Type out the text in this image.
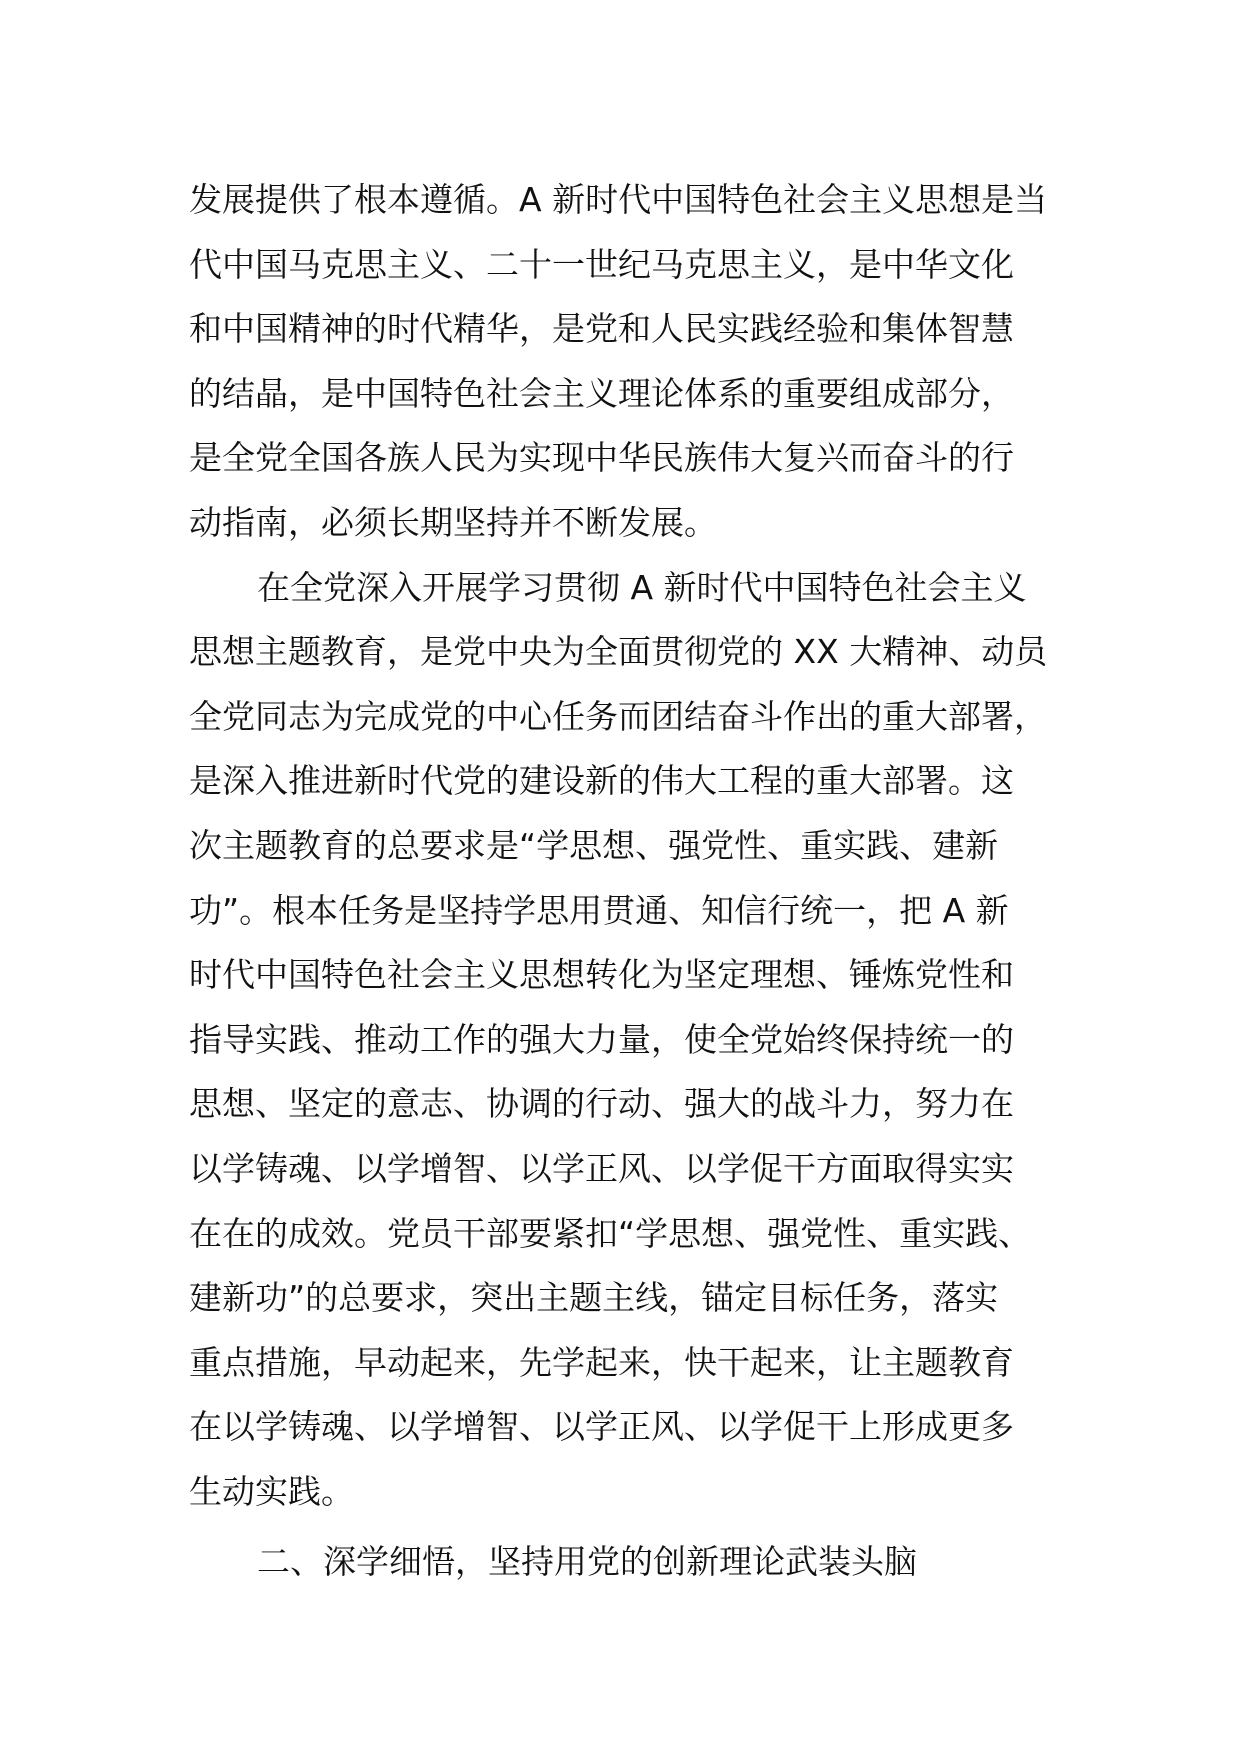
发展提供了根本遵循。A 新时代中国特色社会主义思想是当
代中国马克思主义、二十一世纪马克思主义，是中华文化
和中国精神的时代精华，是党和人民实践经验和集体智慧
的结晶，是中国特色社会主义理论体系的重要组成部分，
是全党全国各族人民为实现中华民族伟大复兴而奋斗的行
动指南，必须长期坚持并不断发展。
在全党深入开展学习贯彻 A 新时代中国特色社会主义
思想主题教育，是党中央为全面贯彻党的 XX 大精神、动员
全党同志为完成党的中心任务而团结奋斗作出的重大部署，
是深入推进新时代党的建设新的伟大工程的重大部署。这
次主题教育的总要求是“学思想、强党性、重实践、建新
功”。根本任务是坚持学思用贯通、知信行统一，把 A 新
时代中国特色社会主义思想转化为坚定理想、锤炼党性和
指导实践、推动工作的强大力量，使全党始终保持统一的
思想、坚定的意志、协调的行动、强大的战斗力，努力在
以学铸魂、以学增智、以学正风、以学促干方面取得实实
在在的成效。党员干部要紧扣“学思想、强党性、重实践、
建新功”的总要求，突出主题主线，锚定目标任务，落实
重点措施，早动起来，先学起来，快干起来，让主题教育
在以学铸魂、以学增智、以学正风、以学促干上形成更多
生动实践。
二、深学细悟，坚持用党的创新理论武装头脑
